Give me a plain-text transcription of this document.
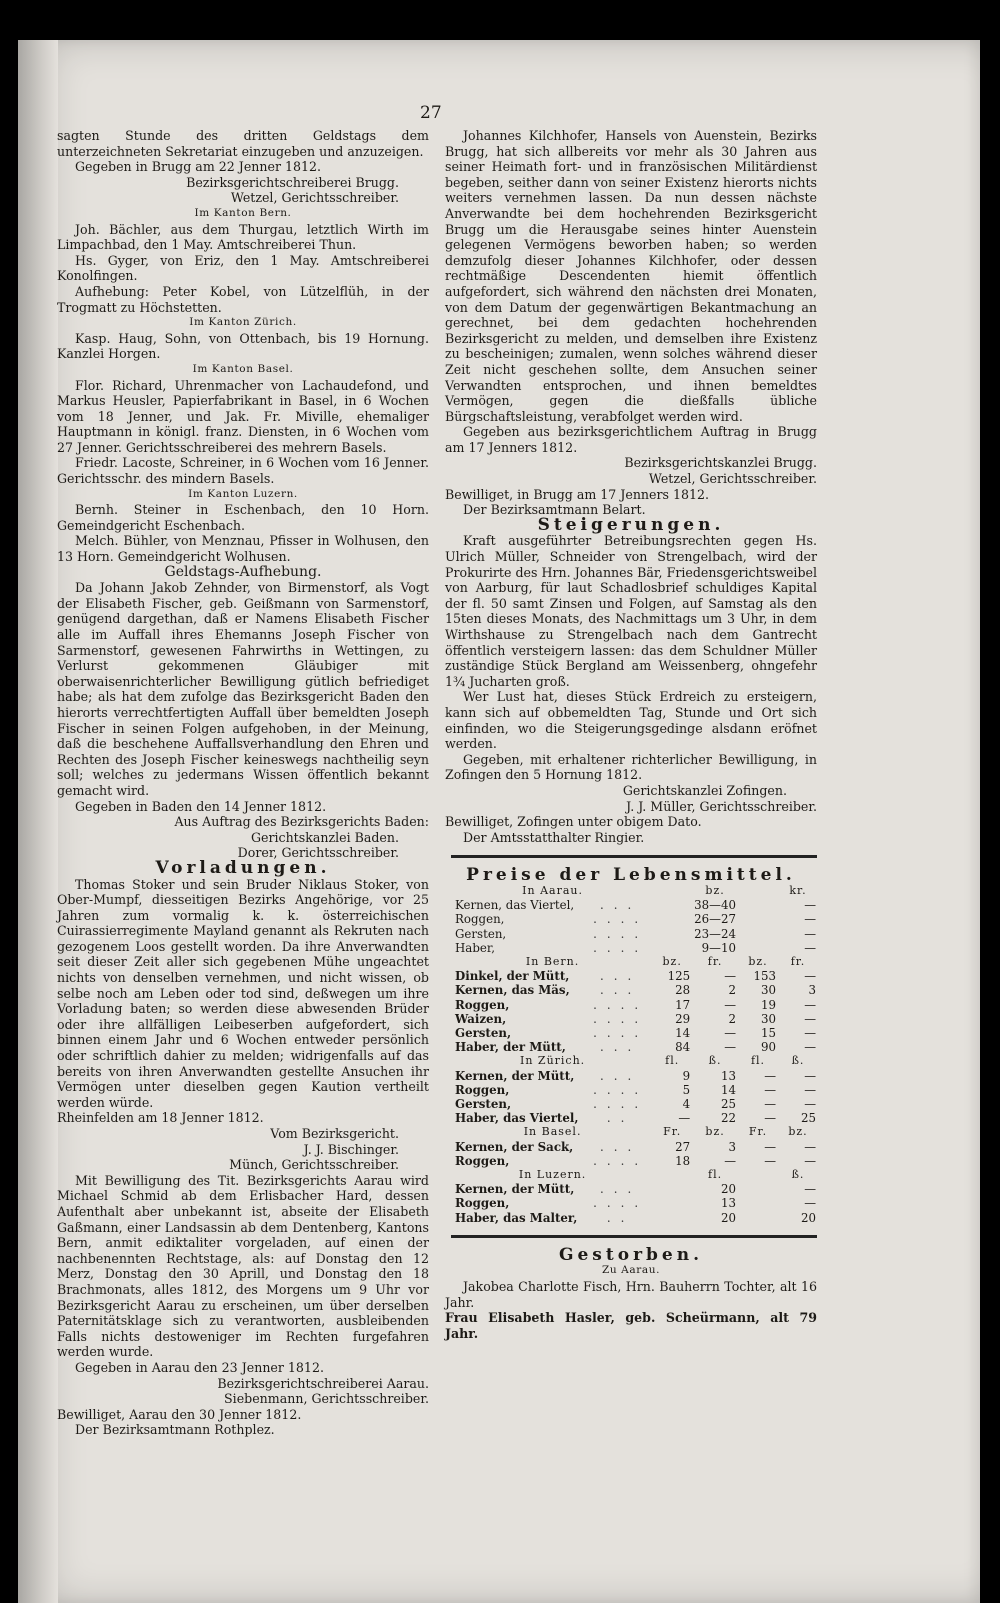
27

sagten Stunde des dritten Geldstags dem unterzeichneten Sekretariat einzugeben und anzuzeigen.

Gegeben in Brugg am 22 Jenner 1812.

Bezirksgerichtschreiberei Brugg.

Wetzel, Gerichtsschreiber.

Im Kanton Bern.

Joh. Bächler, aus dem Thurgau, letztlich Wirth im Limpachbad, den 1 May. Amtschreiberei Thun.

Hs. Gyger, von Eriz, den 1 May. Amtschreiberei Konolfingen.

Aufhebung: Peter Kobel, von Lützelflüh, in der Trogmatt zu Höchstetten.

Im Kanton Zürich.

Kasp. Haug, Sohn, von Ottenbach, bis 19 Hornung. Kanzlei Horgen.

Im Kanton Basel.

Flor. Richard, Uhrenmacher von Lachaudefond, und Markus Heusler, Papierfabrikant in Basel, in 6 Wochen vom 18 Jenner, und Jak. Fr. Miville, ehemaliger Hauptmann in königl. franz. Diensten, in 6 Wochen vom 27 Jenner. Gerichtsschreiberei des mehrern Basels.

Friedr. Lacoste, Schreiner, in 6 Wochen vom 16 Jenner. Gerichtsschr. des mindern Basels.

Im Kanton Luzern.

Bernh. Steiner in Eschenbach, den 10 Horn. Gemeindgericht Eschenbach.

Melch. Bühler, von Menznau, Pfisser in Wolhusen, den 13 Horn. Gemeindgericht Wolhusen.

Geldstags-Aufhebung.

Da Johann Jakob Zehnder, von Birmenstorf, als Vogt der Elisabeth Fischer, geb. Geißmann von Sarmenstorf, genügend dargethan, daß er Namens Elisabeth Fischer alle im Auffall ihres Ehemanns Joseph Fischer von Sarmenstorf, gewesenen Fahrwirths in Wettingen, zu Verlurst gekommenen Gläubiger mit oberwaisenrichterlicher Bewilligung gütlich befriediget habe; als hat dem zufolge das Bezirksgericht Baden den hierorts verrechtfertigten Auffall über bemeldten Joseph Fischer in seinen Folgen aufgehoben, in der Meinung, daß die beschehene Auffallsverhandlung den Ehren und Rechten des Joseph Fischer keineswegs nachtheilig seyn soll; welches zu jedermans Wissen öffentlich bekannt gemacht wird.

Gegeben in Baden den 14 Jenner 1812.

Aus Auftrag des Bezirksgerichts Baden:

Gerichtskanzlei Baden.

Dorer, Gerichtsschreiber.

Vorladungen.

Thomas Stoker und sein Bruder Niklaus Stoker, von Ober-Mumpf, diesseitigen Bezirks Angehörige, vor 25 Jahren zum vormalig k. k. österreichischen Cuirassierregimente Mayland genannt als Rekruten nach gezogenem Loos gestellt worden. Da ihre Anverwandten seit dieser Zeit aller sich gegebenen Mühe ungeachtet nichts von denselben vernehmen, und nicht wissen, ob selbe noch am Leben oder tod sind, deßwegen um ihre Vorladung baten; so werden diese abwesenden Brüder oder ihre allfälligen Leibeserben aufgefordert, sich binnen einem Jahr und 6 Wochen entweder persönlich oder schriftlich dahier zu melden; widrigenfalls auf das bereits von ihren Anverwandten gestellte Ansuchen ihr Vermögen unter dieselben gegen Kaution vertheilt werden würde.

Rheinfelden am 18 Jenner 1812.

Vom Bezirksgericht.

J. J. Bischinger.

Münch, Gerichtsschreiber.

Mit Bewilligung des Tit. Bezirksgerichts Aarau wird Michael Schmid ab dem Erlisbacher Hard, dessen Aufenthalt aber unbekannt ist, abseite der Elisabeth Gaßmann, einer Landsassin ab dem Dentenberg, Kantons Bern, anmit ediktaliter vorgeladen, auf einen der nachbenennten Rechtstage, als: auf Donstag den 12 Merz, Donstag den 30 Aprill, und Donstag den 18 Brachmonats, alles 1812, des Morgens um 9 Uhr vor Bezirksgericht Aarau zu erscheinen, um über derselben Paternitätsklage sich zu verantworten, ausbleibenden Falls nichts destoweniger im Rechten furgefahren werden wurde.

Gegeben in Aarau den 23 Jenner 1812.

Bezirksgerichtschreiberei Aarau.

Siebenmann, Gerichtsschreiber.

Bewilliget, Aarau den 30 Jenner 1812.

Der Bezirksamtmann Rothplez.

Johannes Kilchhofer, Hansels von Auenstein, Bezirks Brugg, hat sich allbereits vor mehr als 30 Jahren aus seiner Heimath fort- und in französischen Militärdienst begeben, seither dann von seiner Existenz hierorts nichts weiters vernehmen lassen. Da nun dessen nächste Anverwandte bei dem hochehrenden Bezirksgericht Brugg um die Herausgabe seines hinter Auenstein gelegenen Vermögens beworben haben; so werden demzufolg dieser Johannes Kilchhofer, oder dessen rechtmäßige Descendenten hiemit öffentlich aufgefordert, sich während den nächsten drei Monaten, von dem Datum der gegenwärtigen Bekantmachung an gerechnet, bei dem gedachten hochehrenden Bezirksgericht zu melden, und demselben ihre Existenz zu bescheinigen; zumalen, wenn solches während dieser Zeit nicht geschehen sollte, dem Ansuchen seiner Verwandten entsprochen, und ihnen bemeldtes Vermögen, gegen die dießfalls übliche Bürgschaftsleistung, verabfolget werden wird.

Gegeben aus bezirksgerichtlichem Auftrag in Brugg am 17 Jenners 1812.

Bezirksgerichtskanzlei Brugg.

Wetzel, Gerichtsschreiber.

Bewilliget, in Brugg am 17 Jenners 1812.

Der Bezirksamtmann Belart.

Steigerungen.

Kraft ausgeführter Betreibungsrechten gegen Hs. Ulrich Müller, Schneider von Strengelbach, wird der Prokurirte des Hrn. Johannes Bär, Friedensgerichtsweibel von Aarburg, für laut Schadlosbrief schuldiges Kapital der fl. 50 samt Zinsen und Folgen, auf Samstag als den 15ten dieses Monats, des Nachmittags um 3 Uhr, in dem Wirthshause zu Strengelbach nach dem Gantrecht öffentlich versteigern lassen: das dem Schuldner Müller zuständige Stück Bergland am Weissenberg, ohngefehr 1¾ Jucharten groß.

Wer Lust hat, dieses Stück Erdreich zu ersteigern, kann sich auf obbemeldten Tag, Stunde und Ort sich einfinden, wo die Steigerungsgedinge alsdann eröfnet werden.

Gegeben, mit erhaltener richterlicher Bewilligung, in Zofingen den 5 Hornung 1812.

Gerichtskanzlei Zofingen.

J. J. Müller, Gerichtsschreiber.

Bewilliget, Zofingen unter obigem Dato.

Der Amtsstatthalter Ringier.

Preise der Lebensmittel.

In Aarau.			bz.		kr.
Kernen, das Viertel,	...		38—40		—
Roggen,	....		26—27		—
Gersten,	....		23—24		—
Haber,	....		9—10		—
In Bern.		bz.	fr.	bz.	fr.
Dinkel, der Mütt,	...	125	—	153	—
Kernen, das Mäs,	...	28	2	30	3
Roggen,	....	17	—	19	—
Waizen,	....	29	2	30	—
Gersten,	....	14	—	15	—
Haber, der Mütt,	...	84	—	90	—
In Zürich.		fl.	ß.	fl.	ß.
Kernen, der Mütt,	...	9	13	—	—
Roggen,	....	5	14	—	—
Gersten,	....	4	25	—	—
Haber, das Viertel,	..	—	22	—	25
In Basel.		Fr.	bz.	Fr.	bz.
Kernen, der Sack,	...	27	3	—	—
Roggen,	....	18	—	—	—
In Luzern.			fl.		ß.
Kernen, der Mütt,	...		20		—
Roggen,	....		13		—
Haber, das Malter,	..		20		20

Gestorben.

Zu Aarau.

Jakobea Charlotte Fisch, Hrn. Bauherrn Tochter, alt 16 Jahr.

Frau Elisabeth Hasler, geb. Scheürmann, alt 79 Jahr.
